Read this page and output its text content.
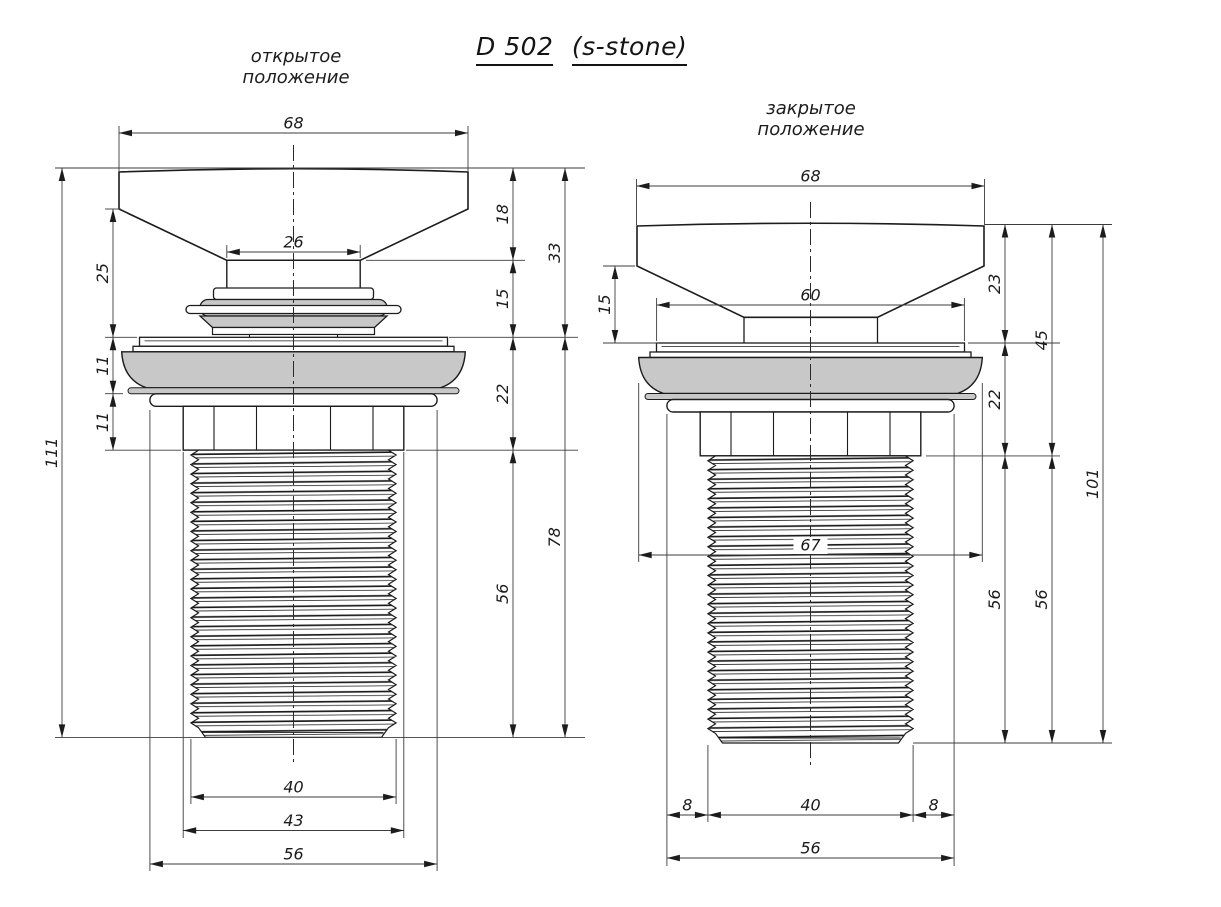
68
26
40
43
56
111
25
11
11
18
15
22
56
33
78
68
60
67
8	40	8
56
15
23
22
56
45
56
101
D 502 (s-stone)
открытое
положение
закрытое
положение
